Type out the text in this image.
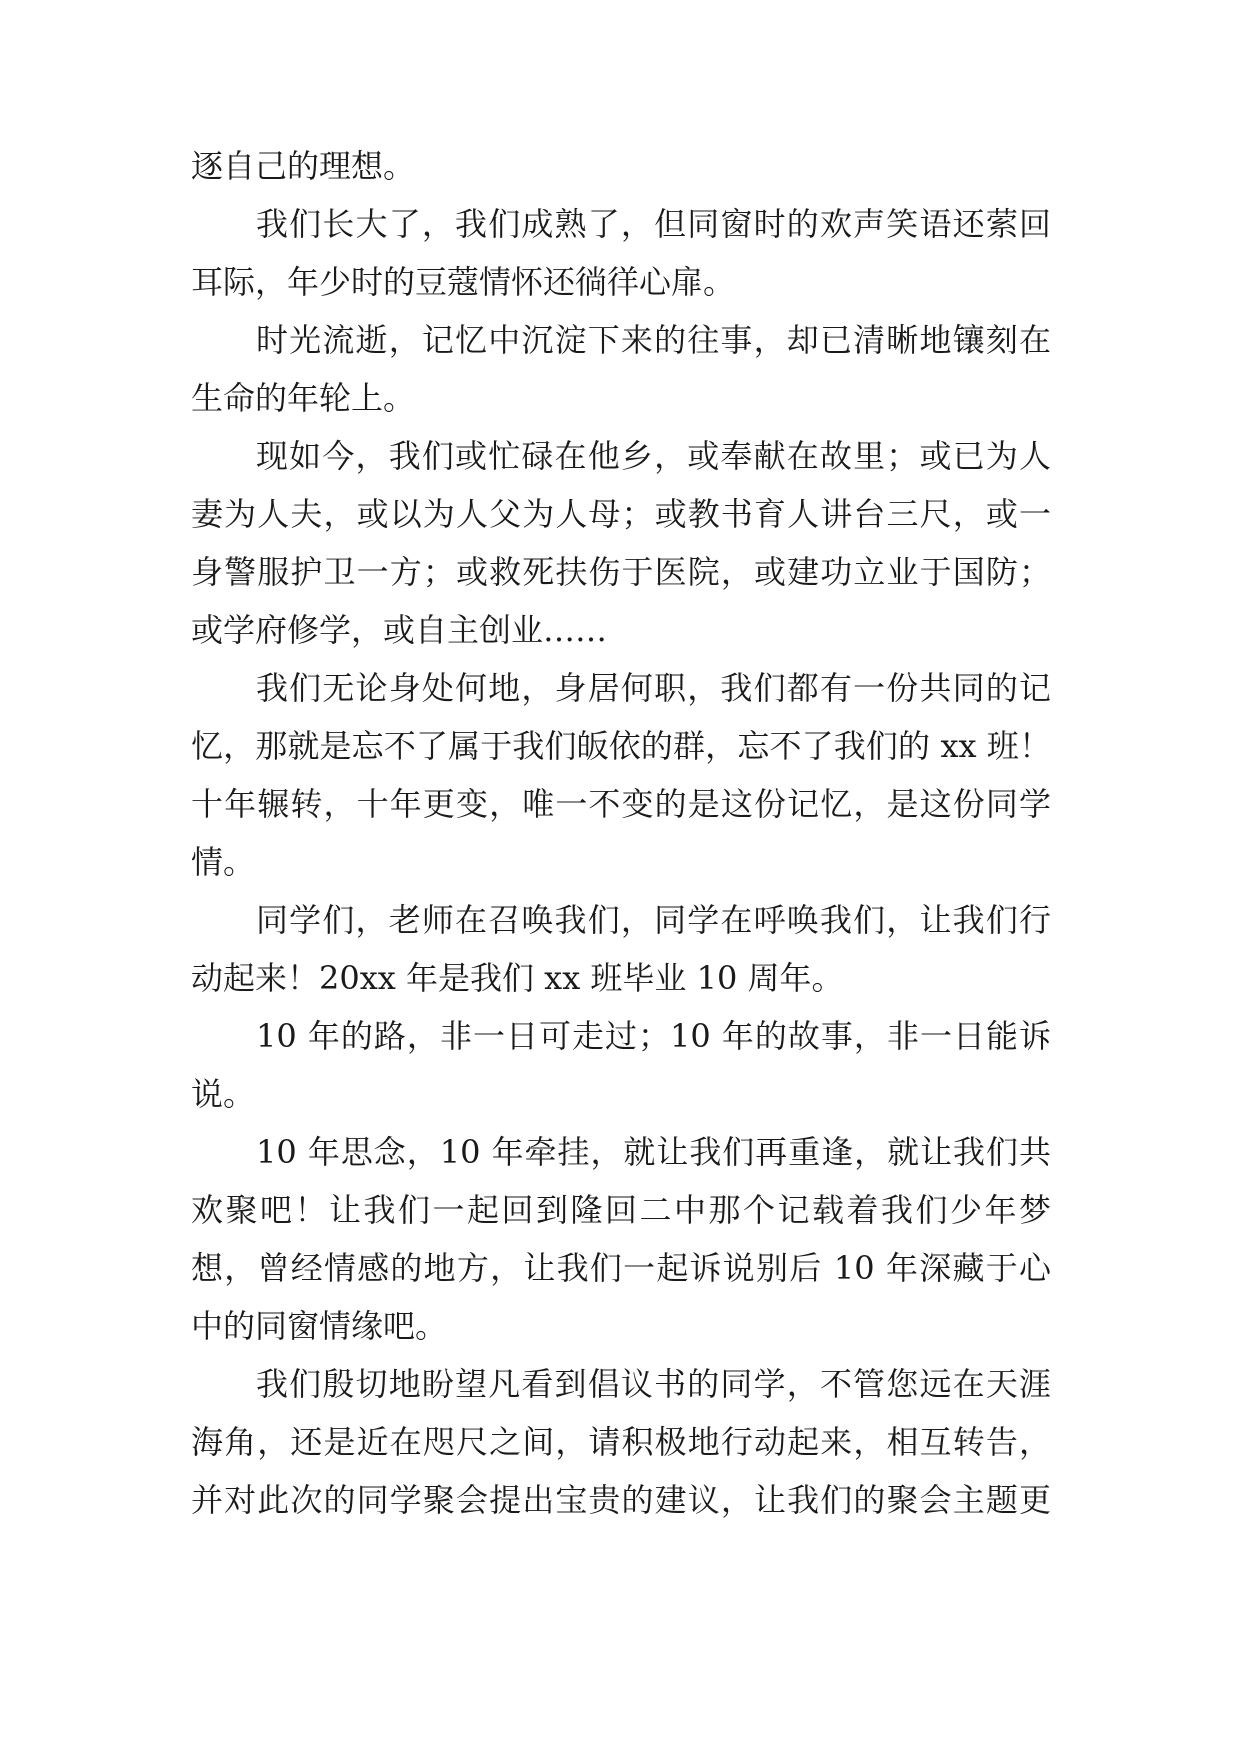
逐自己的理想。
我们长大了，我们成熟了，但同窗时的欢声笑语还萦回
耳际，年少时的豆蔻情怀还徜徉心扉。
时光流逝，记忆中沉淀下来的往事，却已清晰地镶刻在
生命的年轮上。
现如今，我们或忙碌在他乡，或奉献在故里；或已为人
妻为人夫，或以为人父为人母；或教书育人讲台三尺，或一
身警服护卫一方；或救死扶伤于医院，或建功立业于国防；
或学府修学，或自主创业……
我们无论身处何地，身居何职，我们都有一份共同的记
忆，那就是忘不了属于我们皈依的群，忘不了我们的 xx 班！
十年辗转，十年更变，唯一不变的是这份记忆，是这份同学
情。
同学们，老师在召唤我们，同学在呼唤我们，让我们行
动起来！20xx 年是我们 xx 班毕业 10 周年。
10 年的路，非一日可走过；10 年的故事，非一日能诉
说。
10 年思念，10 年牵挂，就让我们再重逢，就让我们共
欢聚吧！让我们一起回到隆回二中那个记载着我们少年梦
想，曾经情感的地方，让我们一起诉说别后 10 年深藏于心
中的同窗情缘吧。
我们殷切地盼望凡看到倡议书的同学，不管您远在天涯
海角，还是近在咫尺之间，请积极地行动起来，相互转告，
并对此次的同学聚会提出宝贵的建议，让我们的聚会主题更
